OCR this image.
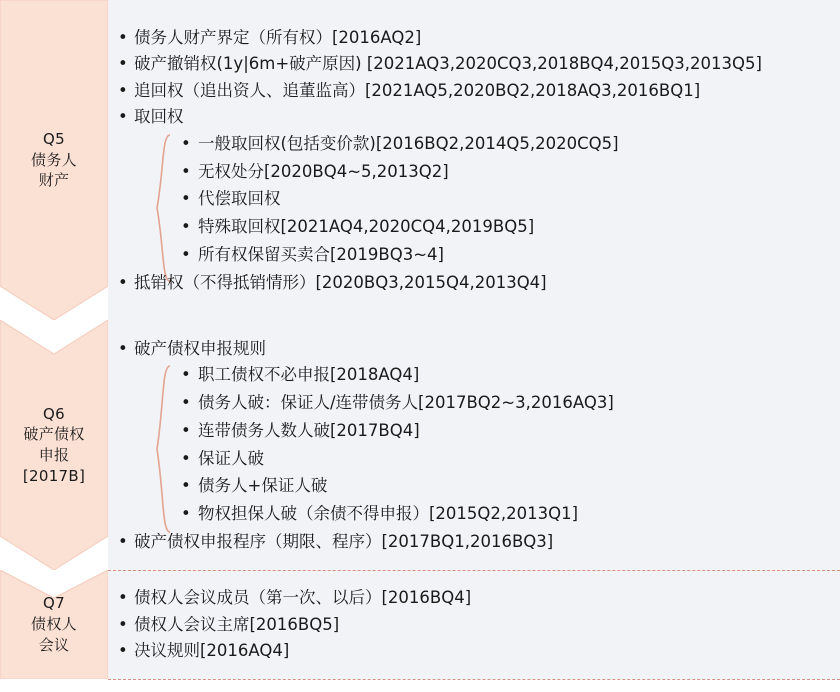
Q5
债务人
财产
• 债务人财产界定（所有权）[2016AQ2]
• 破产撤销权(1y|6m+破产原因) [2021AQ3,2020CQ3,2018BQ4,2015Q3,2013Q5]
• 追回权（追出资人、追董监高）[2021AQ5,2020BQ2,2018AQ3,2016BQ1]
• 取回权
• 一般取回权(包括变价款)[2016BQ2,2014Q5,2020CQ5]
• 无权处分[2020BQ4~5,2013Q2]
• 代偿取回权
• 特殊取回权[2021AQ4,2020CQ4,2019BQ5]
• 所有权保留买卖合[2019BQ3~4]
• 抵销权（不得抵销情形）[2020BQ3,2015Q4,2013Q4]
Q6
破产债权
申报
[2017B]
• 破产债权申报规则
• 职工债权不必申报[2018AQ4]
• 债务人破：保证人/连带债务人[2017BQ2~3,2016AQ3]
• 连带债务人数人破[2017BQ4]
• 保证人破
• 债务人+保证人破
• 物权担保人破（余债不得申报）[2015Q2,2013Q1]
• 破产债权申报程序（期限、程序）[2017BQ1,2016BQ3]
Q7
债权人
会议
• 债权人会议成员（第一次、以后）[2016BQ4]
• 债权人会议主席[2016BQ5]
• 决议规则[2016AQ4]
